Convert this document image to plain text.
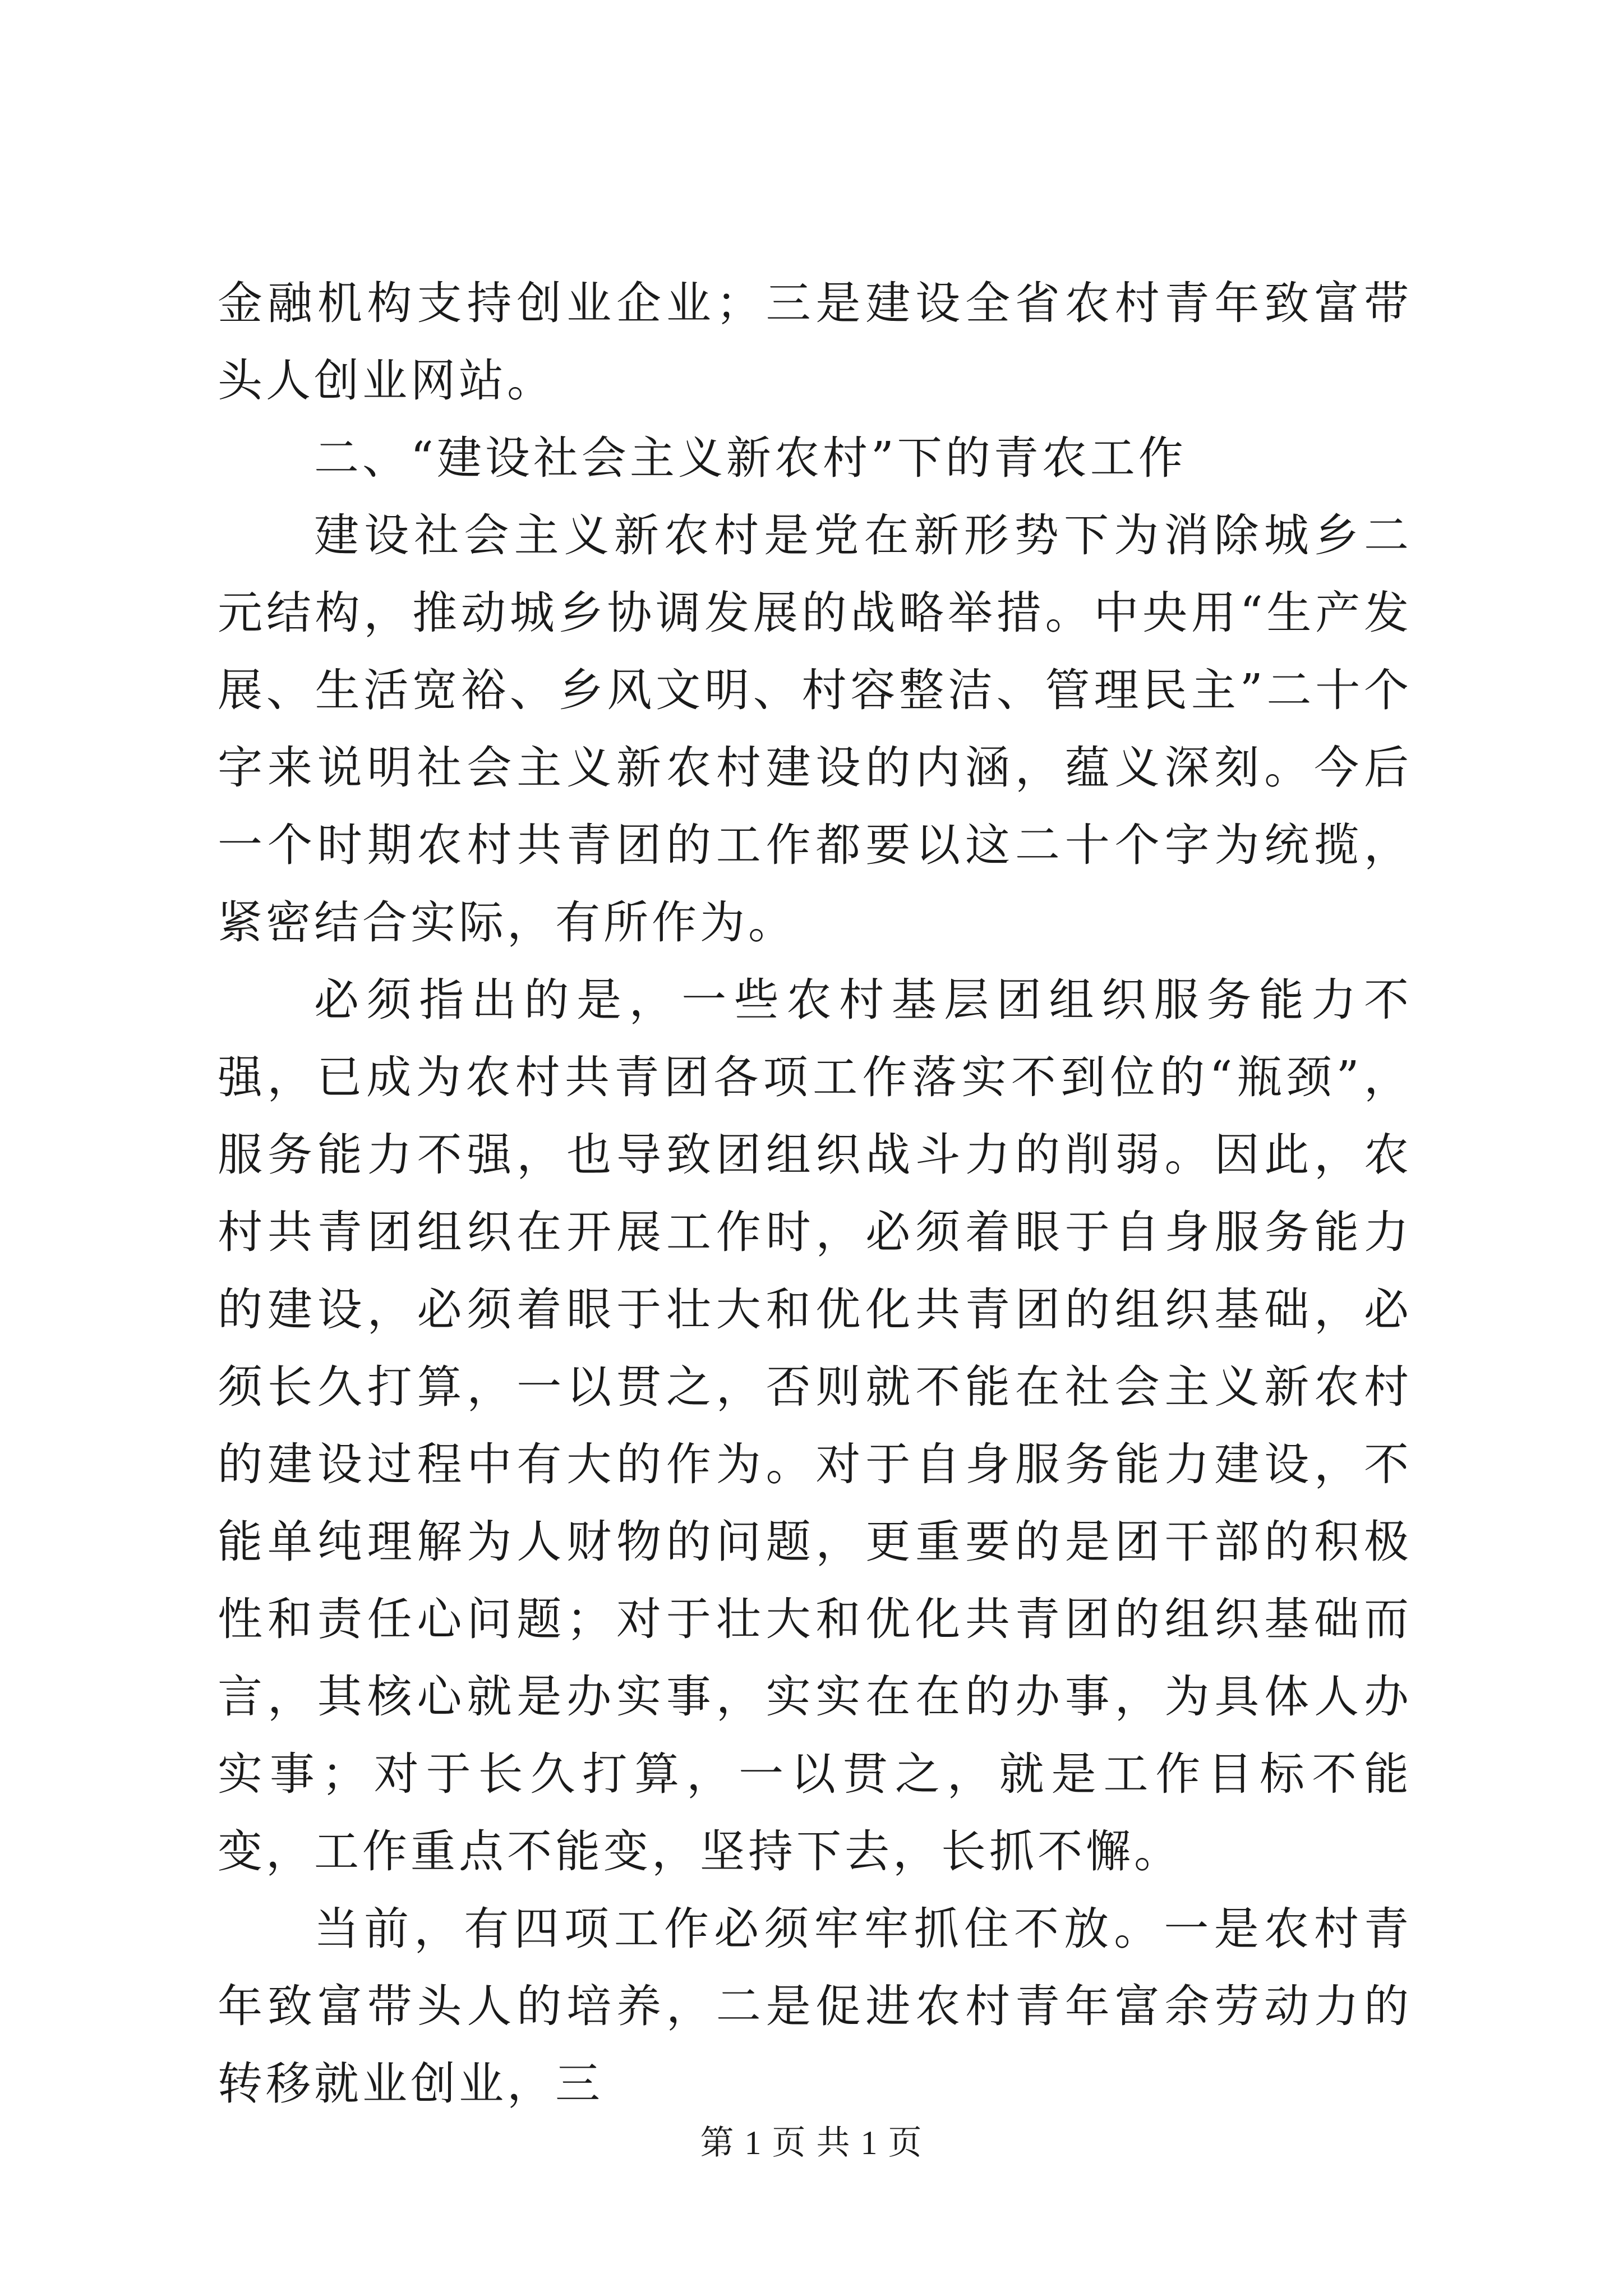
金融机构支持创业企业；三是建设全省农村青年致富带头人创业网站。

二、“建设社会主义新农村”下的青农工作

建设社会主义新农村是党在新形势下为消除城乡二元结构，推动城乡协调发展的战略举措。中央用“生产发展、生活宽裕、乡风文明、村容整洁、管理民主”二十个字来说明社会主义新农村建设的内涵，蕴义深刻。今后一个时期农村共青团的工作都要以这二十个字为统揽，紧密结合实际，有所作为。

必须指出的是，一些农村基层团组织服务能力不强，已成为农村共青团各项工作落实不到位的“瓶颈”，服务能力不强，也导致团组织战斗力的削弱。因此，农村共青团组织在开展工作时，必须着眼于自身服务能力的建设，必须着眼于壮大和优化共青团的组织基础，必须长久打算，一以贯之，否则就不能在社会主义新农村的建设过程中有大的作为。对于自身服务能力建设，不能单纯理解为人财物的问题，更重要的是团干部的积极性和责任心问题；对于壮大和优化共青团的组织基础而言，其核心就是办实事，实实在在的办事，为具体人办实事；对于长久打算，一以贯之，就是工作目标不能变，工作重点不能变，坚持下去，长抓不懈。

当前，有四项工作必须牢牢抓住不放。一是农村青年致富带头人的培养，二是促进农村青年富余劳动力的转移就业创业，三

第 1 页 共 1 页
